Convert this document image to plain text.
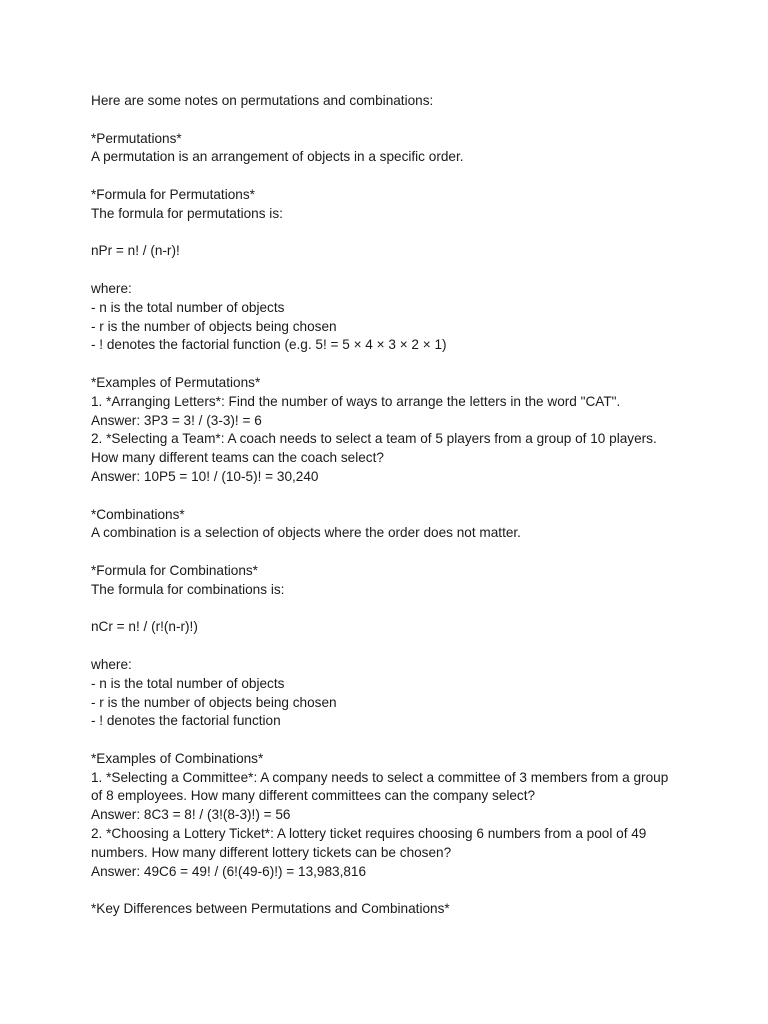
Here are some notes on permutations and combinations:
*Permutations*
A permutation is an arrangement of objects in a specific order.
*Formula for Permutations*
The formula for permutations is:
nPr = n! / (n-r)!
where:
- n is the total number of objects
- r is the number of objects being chosen
- ! denotes the factorial function (e.g. 5! = 5 × 4 × 3 × 2 × 1)
*Examples of Permutations*
1. *Arranging Letters*: Find the number of ways to arrange the letters in the word "CAT".
Answer: 3P3 = 3! / (3-3)! = 6
2. *Selecting a Team*: A coach needs to select a team of 5 players from a group of 10 players.
How many different teams can the coach select?
Answer: 10P5 = 10! / (10-5)! = 30,240
*Combinations*
A combination is a selection of objects where the order does not matter.
*Formula for Combinations*
The formula for combinations is:
nCr = n! / (r!(n-r)!)
where:
- n is the total number of objects
- r is the number of objects being chosen
- ! denotes the factorial function
*Examples of Combinations*
1. *Selecting a Committee*: A company needs to select a committee of 3 members from a group
of 8 employees. How many different committees can the company select?
Answer: 8C3 = 8! / (3!(8-3)!) = 56
2. *Choosing a Lottery Ticket*: A lottery ticket requires choosing 6 numbers from a pool of 49
numbers. How many different lottery tickets can be chosen?
Answer: 49C6 = 49! / (6!(49-6)!) = 13,983,816
*Key Differences between Permutations and Combinations*
